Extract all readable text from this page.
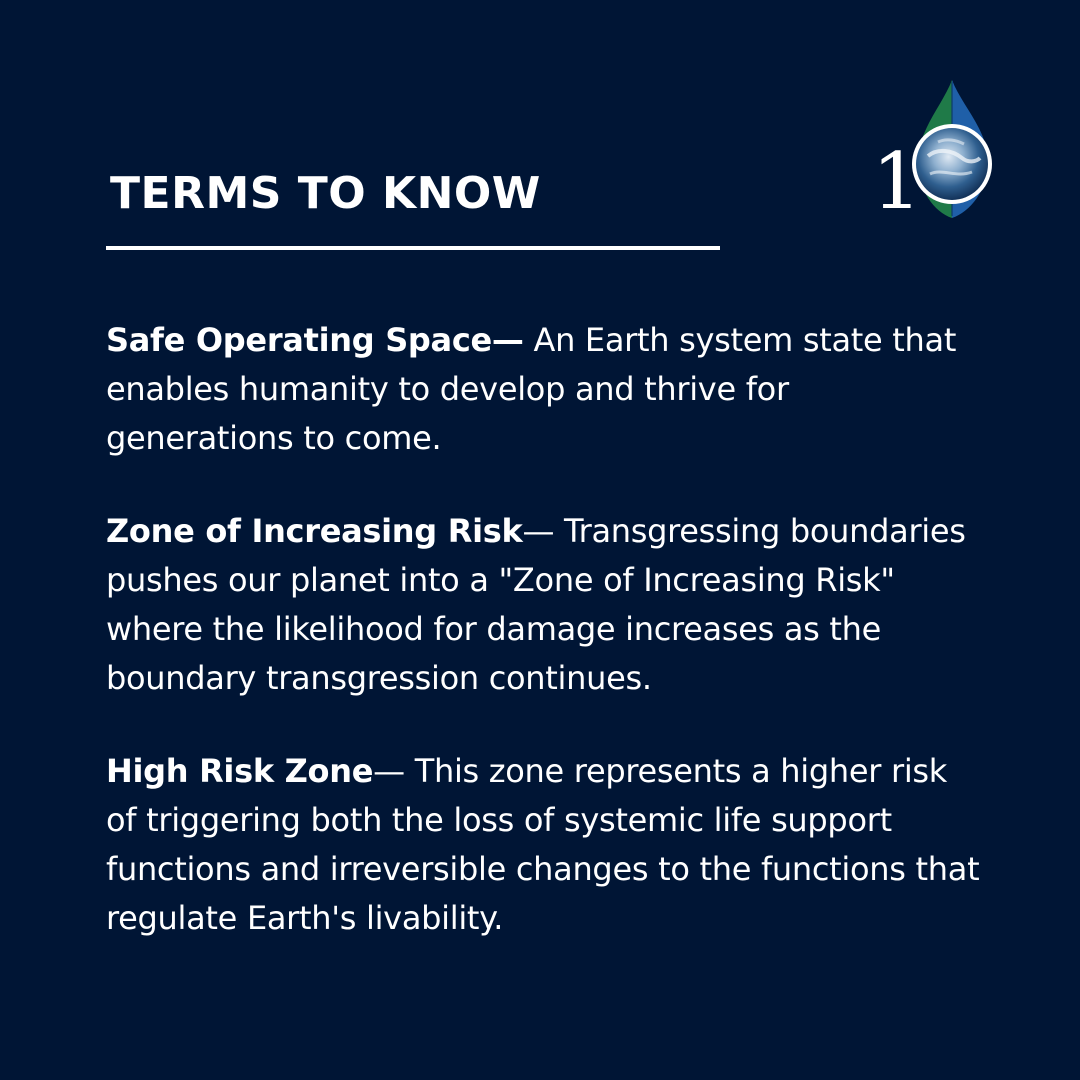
TERMS TO KNOW	1

Safe Operating Space— An Earth system state that enables humanity to develop and thrive for generations to come.

Zone of Increasing Risk— Transgressing boundaries pushes our planet into a "Zone of Increasing Risk" where the likelihood for damage increases as the boundary transgression continues.

High Risk Zone— This zone represents a higher risk of triggering both the loss of systemic life support functions and irreversible changes to the functions that regulate Earth's livability.
